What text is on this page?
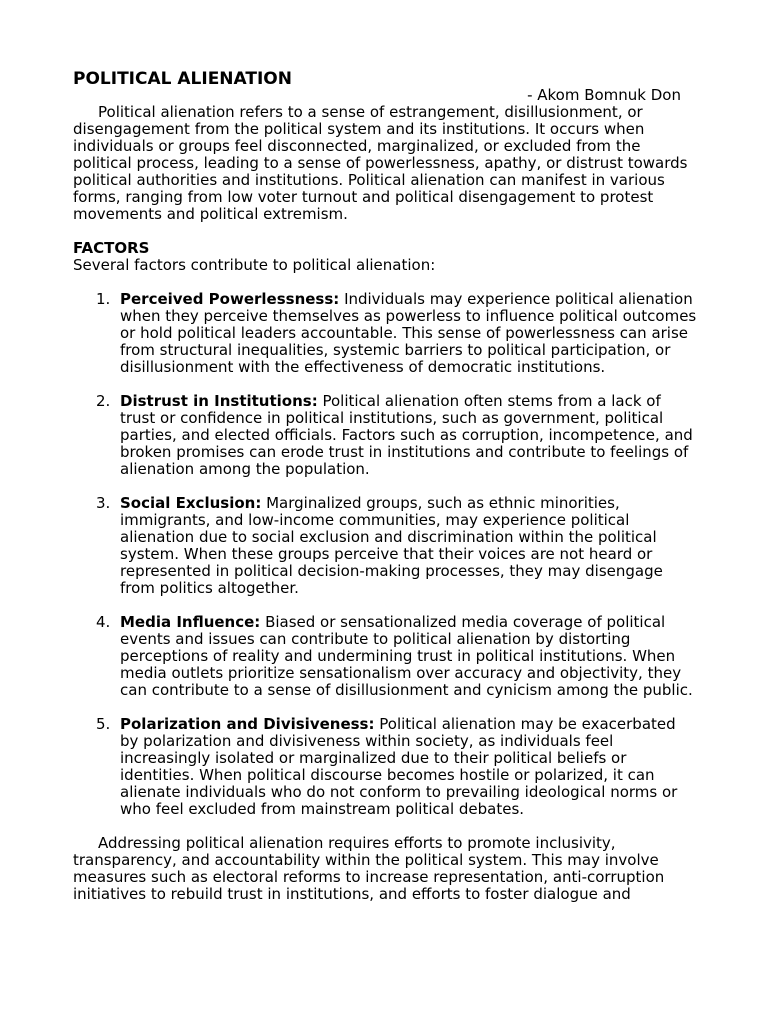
POLITICAL ALIENATION

- Akom Bomnuk Don

Political alienation refers to a sense of estrangement, disillusionment, or disengagement from the political system and its institutions. It occurs when individuals or groups feel disconnected, marginalized, or excluded from the political process, leading to a sense of powerlessness, apathy, or distrust towards political authorities and institutions. Political alienation can manifest in various forms, ranging from low voter turnout and political disengagement to protest movements and political extremism.

FACTORS

Several factors contribute to political alienation:

1. Perceived Powerlessness: Individuals may experience political alienation when they perceive themselves as powerless to influence political outcomes or hold political leaders accountable. This sense of powerlessness can arise from structural inequalities, systemic barriers to political participation, or disillusionment with the effectiveness of democratic institutions.
2. Distrust in Institutions: Political alienation often stems from a lack of trust or confidence in political institutions, such as government, political parties, and elected officials. Factors such as corruption, incompetence, and broken promises can erode trust in institutions and contribute to feelings of alienation among the population.
3. Social Exclusion: Marginalized groups, such as ethnic minorities, immigrants, and low-income communities, may experience political alienation due to social exclusion and discrimination within the political system. When these groups perceive that their voices are not heard or represented in political decision-making processes, they may disengage from politics altogether.
4. Media Influence: Biased or sensationalized media coverage of political events and issues can contribute to political alienation by distorting perceptions of reality and undermining trust in political institutions. When media outlets prioritize sensationalism over accuracy and objectivity, they can contribute to a sense of disillusionment and cynicism among the public.
5. Polarization and Divisiveness: Political alienation may be exacerbated by polarization and divisiveness within society, as individuals feel increasingly isolated or marginalized due to their political beliefs or identities. When political discourse becomes hostile or polarized, it can alienate individuals who do not conform to prevailing ideological norms or who feel excluded from mainstream political debates.

Addressing political alienation requires efforts to promote inclusivity, transparency, and accountability within the political system. This may involve measures such as electoral reforms to increase representation, anti-corruption initiatives to rebuild trust in institutions, and efforts to foster dialogue and
